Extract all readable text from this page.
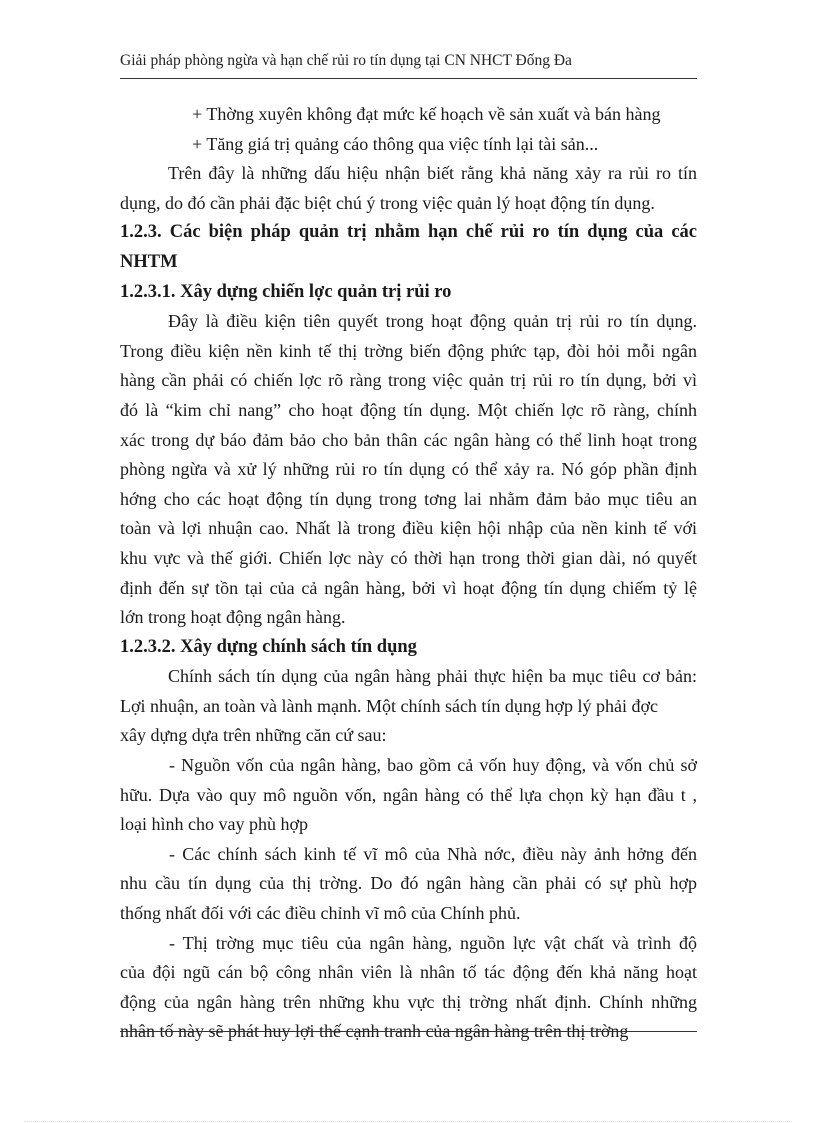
Giải pháp phòng ngừa và hạn chế rủi ro tín dụng tại CN NHCT Đống Đa
+ Thờng xuyên không đạt mức kế hoạch về sản xuất và bán hàng
+ Tăng giá trị quảng cáo thông qua việc tính lại tài sản...
Trên đây là những dấu hiệu nhận biết rằng khả năng xảy ra rủi ro tín
dụng, do đó cần phải đặc biệt chú ý trong việc quản lý hoạt động tín dụng.
1.2.3. Các biện pháp quản trị nhằm hạn chế rủi ro tín dụng của các
NHTM
1.2.3.1. Xây dựng chiến lợc quản trị rủi ro
Đây là điều kiện tiên quyết trong hoạt động quản trị rủi ro tín dụng.
Trong điều kiện nền kinh tế thị trờng biến động phức tạp, đòi hỏi mỗi ngân
hàng cần phải có chiến lợc rõ ràng trong việc quản trị rủi ro tín dụng, bởi vì
đó là “kim chỉ nang” cho hoạt động tín dụng. Một chiến lợc rõ ràng, chính
xác trong dự báo đảm bảo cho bản thân các ngân hàng có thể linh hoạt trong
phòng ngừa và xử lý những rủi ro tín dụng có thể xảy ra. Nó góp phần định
hớng cho các hoạt động tín dụng trong tơng lai nhằm đảm bảo mục tiêu an
toàn và lợi nhuận cao. Nhất là trong điều kiện hội nhập của nền kinh tế với
khu vực và thế giới. Chiến lợc này có thời hạn trong thời gian dài, nó quyết
định đến sự tồn tại của cả ngân hàng, bởi vì hoạt động tín dụng chiếm tỷ lệ
lớn trong hoạt động ngân hàng.
1.2.3.2. Xây dựng chính sách tín dụng
Chính sách tín dụng của ngân hàng phải thực hiện ba mục tiêu cơ bản:
Lợi nhuận, an toàn và lành mạnh. Một chính sách tín dụng hợp lý phải đợc
xây dựng dựa trên những căn cứ sau:
- Nguồn vốn của ngân hàng, bao gồm cả vốn huy động, và vốn chủ sở
hữu. Dựa vào quy mô nguồn vốn, ngân hàng có thể lựa chọn kỳ hạn đầu t ,
loại hình cho vay phù hợp
- Các chính sách kinh tế vĩ mô của Nhà nớc, điều này ảnh hởng đến
nhu cầu tín dụng của thị trờng. Do đó ngân hàng cần phải có sự phù hợp
thống nhất đối với các điều chỉnh vĩ mô của Chính phủ.
- Thị trờng mục tiêu của ngân hàng, nguồn lực vật chất và trình độ
của đội ngũ cán bộ công nhân viên là nhân tố tác động đến khả năng hoạt
động của ngân hàng trên những khu vực thị trờng nhất định. Chính những
nhân tố này sẽ phát huy lợi thế cạnh tranh của ngân hàng trên thị trờng
